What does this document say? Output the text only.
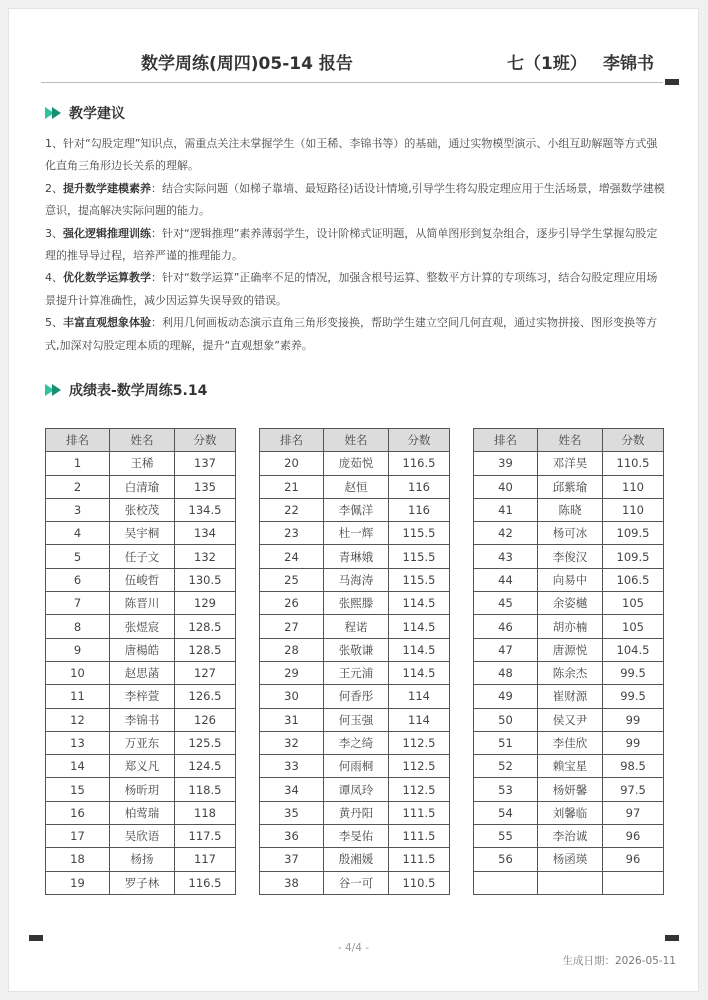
数学周练(周四)05-14 报告	七（1班） 李锦书
教学建议

1、针对“勾股定理”知识点，需重点关注未掌握学生（如王稀、李锦书等）的基础，通过实物模型演示、小组互助解题等方式强化直角三角形边长关系的理解。

2、提升数学建模素养：结合实际问题（如梯子靠墙、最短路径)话设计情境,引导学生将勾股定理应用于生活场景，增强数学建模意识，提高解决实际问题的能力。

3、强化逻辑推理训练：针对“逻辑推理”素养薄弱学生，设计阶梯式证明题，从简单图形到复杂组合，逐步引导学生掌握勾股定理的推导导过程，培养严谨的推理能力。

4、优化数学运算教学：针对“数学运算”正确率不足的情况，加强含根号运算、整数平方计算的专项练习，结合勾股定理应用场景提升计算准确性，减少因运算失误导致的错误。

5、丰富直观想象体验：利用几何画板动态演示直角三角形变接换，帮助学生建立空间几何直观，通过实物拼接、图形变换等方式,加深对勾股定理本质的理解，提升“直观想象”素养。

成绩表-数学周练5.14
排名	姓名	分数
1	王稀	137
2	白清瑜	135
3	张校茂	134.5
4	吴宇桐	134
5	任子文	132
6	伍峻哲	130.5
7	陈晋川	129
8	张煜宸	128.5
9	唐楊皓	128.5
10	赵思菡	127
11	李梓萱	126.5
12	李锦书	126
13	万亚东	125.5
14	郑义凡	124.5
15	杨昕玥	118.5
16	柏莺瑞	118
17	吴欣语	117.5
18	杨扬	117
19	罗子林	116.5
排名	姓名	分数
20	庞茹悦	116.5
21	赵恒	116
22	李佩洋	116
23	杜一辉	115.5
24	青琳娥	115.5
25	马海涛	115.5
26	张熙滕	114.5
27	程诺	114.5
28	张敬谦	114.5
29	王元浦	114.5
30	何香彤	114
31	何玉强	114
32	李之绮	112.5
33	何雨桐	112.5
34	谭凤玲	112.5
35	黄丹阳	111.5
36	李旻佑	111.5
37	殷湘媛	111.5
38	谷一可	110.5
排名	姓名	分数
39	邓洋昊	110.5
40	邱紫瑜	110
41	陈晓	110
42	杨可冰	109.5
43	李俊汉	109.5
44	向易中	106.5
45	余姿樾	105
46	胡亦楠	105
47	唐源悦	104.5
48	陈余杰	99.5
49	崔财源	99.5
50	侯又尹	99
51	李佳欣	99
52	赖宝星	98.5
53	杨妍馨	97.5
54	刘馨临	97
55	李治诚	96
56	杨函瑛	96

- 4/4 -
生成日期：2026-05-11
